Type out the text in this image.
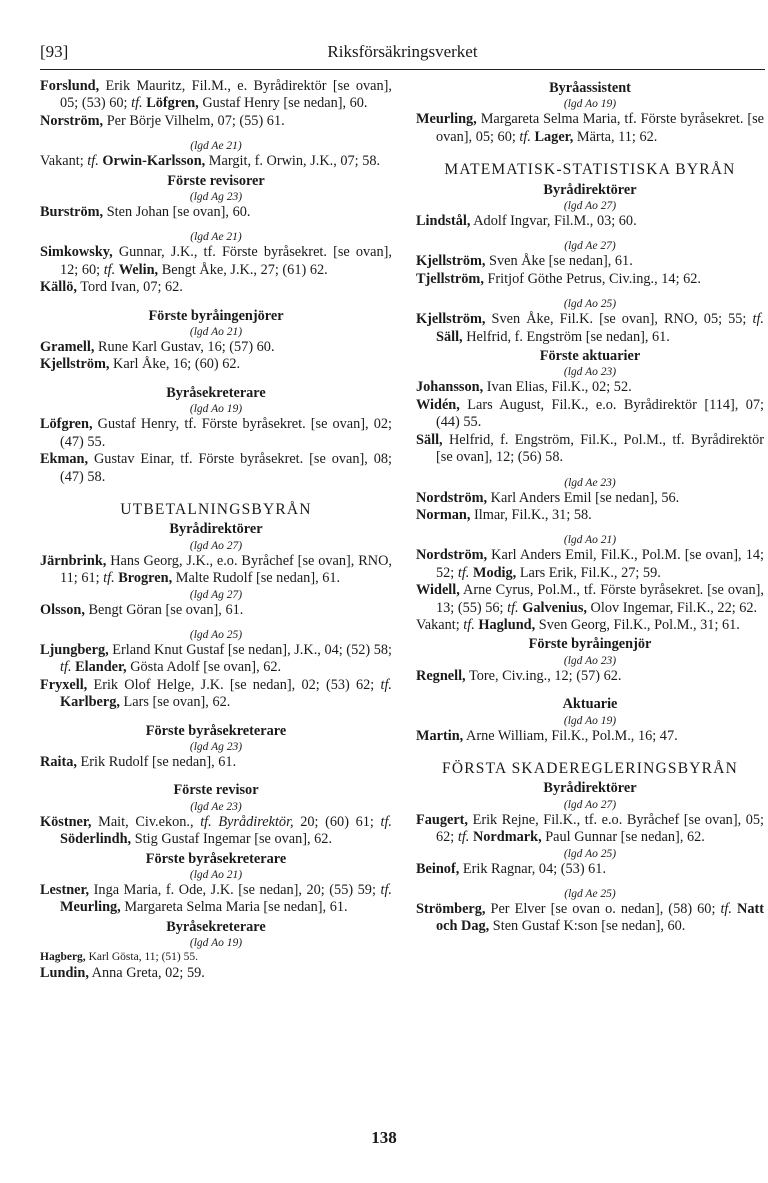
[93]	Riksförsäkringsverket
Forslund, Erik Mauritz, Fil.M., e. Byrådirektör [se ovan], 05; (53) 60; tf. Löfgren, Gustaf Henry [se nedan], 60.
Norström, Per Börje Vilhelm, 07; (55) 61.
(lgd Ae 21)
Vakant; tf. Orwin-Karlsson, Margit, f. Orwin, J.K., 07; 58.
Förste revisorer
(lgd Ag 23)
Burström, Sten Johan [se ovan], 60.
(lgd Ae 21)
Simkowsky, Gunnar, J.K., tf. Förste byråsekret. [se ovan], 12; 60; tf. Welin, Bengt Åke, J.K., 27; (61) 62.
Källö, Tord Ivan, 07; 62.
Förste byråingenjörer
(lgd Ao 21)
Gramell, Rune Karl Gustav, 16; (57) 60.
Kjellström, Karl Åke, 16; (60) 62.
Byråsekreterare
(lgd Ao 19)
Löfgren, Gustaf Henry, tf. Förste byråsekret. [se ovan], 02; (47) 55.
Ekman, Gustav Einar, tf. Förste byråsekret. [se ovan], 08; (47) 58.
UTBETALNINGSBYRÅN
Byrådirektörer
(lgd Ao 27)
Järnbrink, Hans Georg, J.K., e.o. Byråchef [se ovan], RNO, 11; 61; tf. Brogren, Malte Rudolf [se nedan], 61.
(lgd Ag 27)
Olsson, Bengt Göran [se ovan], 61.
(lgd Ao 25)
Ljungberg, Erland Knut Gustaf [se nedan], J.K., 04; (52) 58; tf. Elander, Gösta Adolf [se ovan], 62.
Fryxell, Erik Olof Helge, J.K. [se nedan], 02; (53) 62; tf. Karlberg, Lars [se ovan], 62.
Förste byråsekreterare
(lgd Ag 23)
Raita, Erik Rudolf [se nedan], 61.
Förste revisor
(lgd Ae 23)
Köstner, Mait, Civ.ekon., tf. Byrådirektör, 20; (60) 61; tf. Söderlindh, Stig Gustaf Ingemar [se ovan], 62.
Förste byråsekreterare
(lgd Ao 21)
Lestner, Inga Maria, f. Ode, J.K. [se nedan], 20; (55) 59; tf. Meurling, Margareta Selma Maria [se nedan], 61.
Byråsekreterare
(lgd Ao 19)
Hagberg, Karl Gösta, 11; (51) 55.
Lundin, Anna Greta, 02; 59.
Byråassistent
(lgd Ao 19)
Meurling, Margareta Selma Maria, tf. Förste byråsekret. [se ovan], 05; 60; tf. Lager, Märta, 11; 62.
MATEMATISK-STATISTISKA BYRÅN
Byrådirektörer
(lgd Ao 27)
Lindstål, Adolf Ingvar, Fil.M., 03; 60.
(lgd Ae 27)
Kjellström, Sven Åke [se nedan], 61.
Tjellström, Fritjof Göthe Petrus, Civ.ing., 14; 62.
(lgd Ao 25)
Kjellström, Sven Åke, Fil.K. [se ovan], RNO, 05; 55; tf. Säll, Helfrid, f. Engström [se nedan], 61.
Förste aktuarier
(lgd Ao 23)
Johansson, Ivan Elias, Fil.K., 02; 52.
Widén, Lars August, Fil.K., e.o. Byrådirektör [114], 07; (44) 55.
Säll, Helfrid, f. Engström, Fil.K., Pol.M., tf. Byrådirektör [se ovan], 12; (56) 58.
(lgd Ae 23)
Nordström, Karl Anders Emil [se nedan], 56.
Norman, Ilmar, Fil.K., 31; 58.
(lgd Ao 21)
Nordström, Karl Anders Emil, Fil.K., Pol.M. [se ovan], 14; 52; tf. Modig, Lars Erik, Fil.K., 27; 59.
Widell, Arne Cyrus, Pol.M., tf. Förste byråsekret. [se ovan], 13; (55) 56; tf. Galvenius, Olov Ingemar, Fil.K., 22; 62.
Vakant; tf. Haglund, Sven Georg, Fil.K., Pol.M., 31; 61.
Förste byråingenjör
(lgd Ao 23)
Regnell, Tore, Civ.ing., 12; (57) 62.
Aktuarie
(lgd Ao 19)
Martin, Arne William, Fil.K., Pol.M., 16; 47.
FÖRSTA SKADEREGLERINGSBYRÅN
Byrådirektörer
(lgd Ao 27)
Faugert, Erik Rejne, Fil.K., tf. e.o. Byråchef [se ovan], 05; 62; tf. Nordmark, Paul Gunnar [se nedan], 62.
(lgd Ao 25)
Beinof, Erik Ragnar, 04; (53) 61.
(lgd Ae 25)
Strömberg, Per Elver [se ovan o. nedan], (58) 60; tf. Natt och Dag, Sten Gustaf K:son [se nedan], 60.
138
